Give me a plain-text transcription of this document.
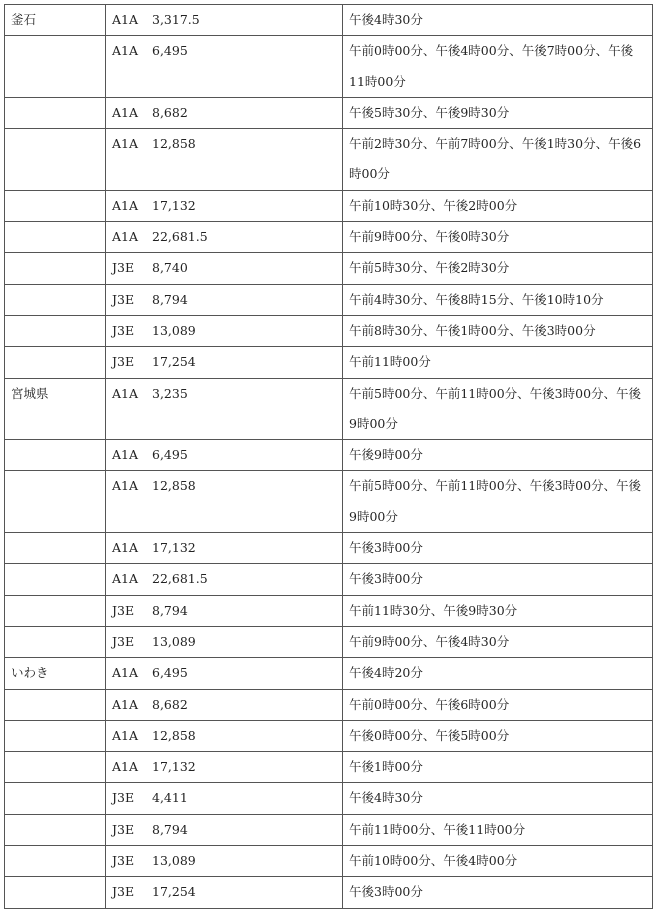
釜石	A1A 3,317.5	午後4時30分

	A1A 6,495	午前0時00分、午後4時00分、午後7時00分、午後11時00分

	A1A 8,682	午後5時30分、午後9時30分

	A1A 12,858	午前2時30分、午前7時00分、午後1時30分、午後6時00分

	A1A 17,132	午前10時30分、午後2時00分

	A1A 22,681.5	午前9時00分、午後0時30分

	J3E 8,740	午前5時30分、午後2時30分

	J3E 8,794	午前4時30分、午後8時15分、午後10時10分

	J3E 13,089	午前8時30分、午後1時00分、午後3時00分

	J3E 17,254	午前11時00分

宮城県	A1A 3,235	午前5時00分、午前11時00分、午後3時00分、午後9時00分

	A1A 6,495	午後9時00分

	A1A 12,858	午前5時00分、午前11時00分、午後3時00分、午後9時00分

	A1A 17,132	午後3時00分

	A1A 22,681.5	午後3時00分

	J3E 8,794	午前11時30分、午後9時30分

	J3E 13,089	午前9時00分、午後4時30分

いわき	A1A 6,495	午後4時20分

	A1A 8,682	午前0時00分、午後6時00分

	A1A 12,858	午後0時00分、午後5時00分

	A1A 17,132	午後1時00分

	J3E 4,411	午後4時30分

	J3E 8,794	午前11時00分、午後11時00分

	J3E 13,089	午前10時00分、午後4時00分

	J3E 17,254	午後3時00分
